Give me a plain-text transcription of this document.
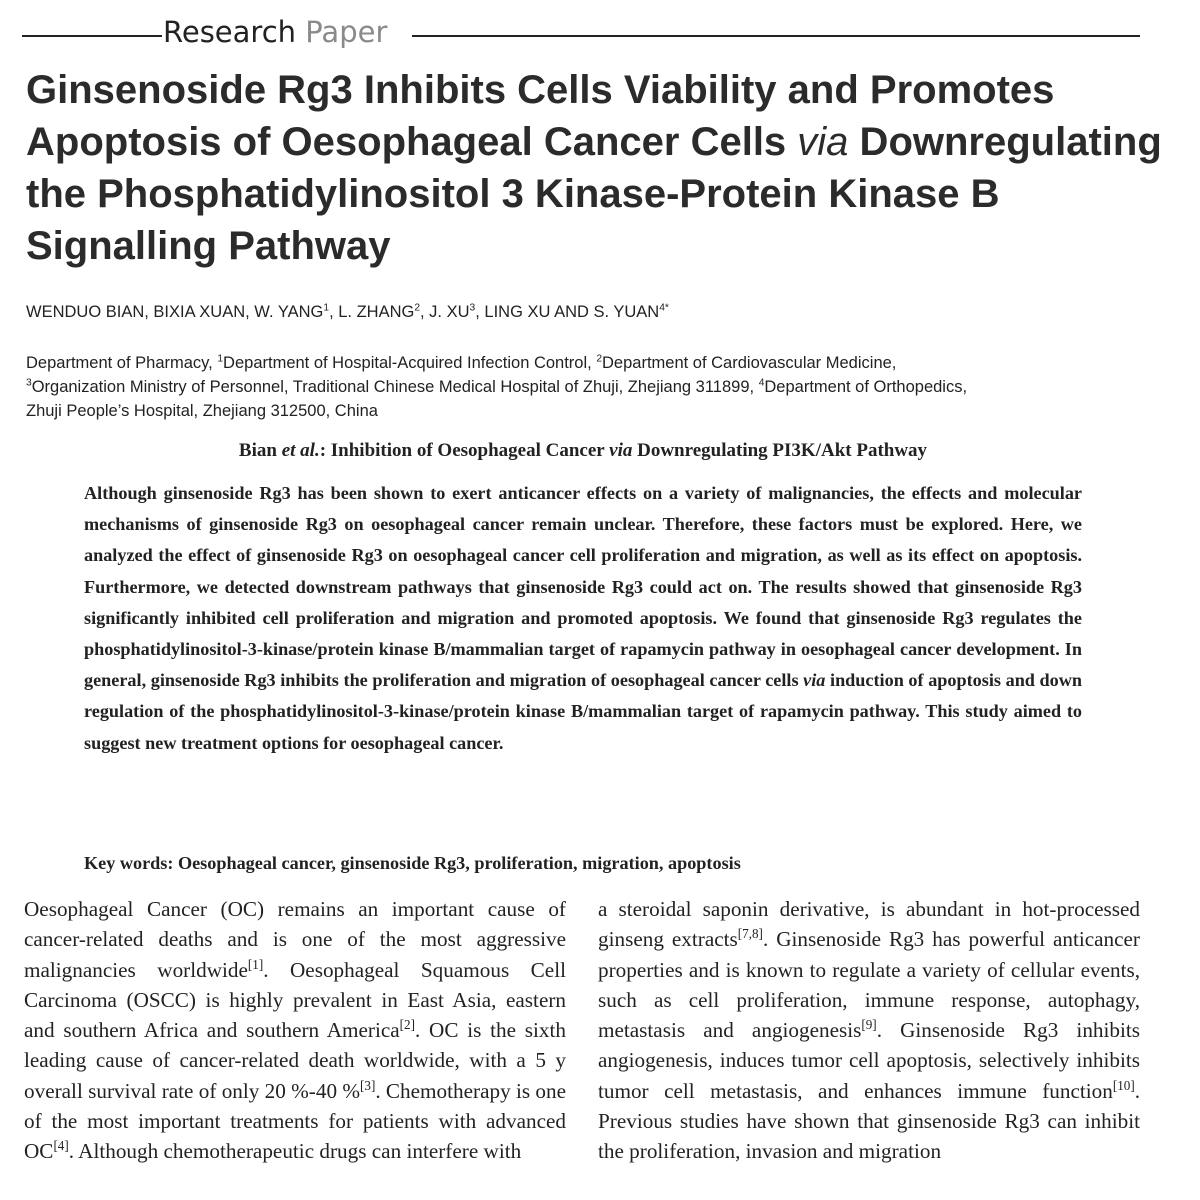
Research Paper
Ginsenoside Rg3 Inhibits Cells Viability and Promotes Apoptosis of Oesophageal Cancer Cells via Downregulating the Phosphatidylinositol 3 Kinase-Protein Kinase B Signalling Pathway
WENDUO BIAN, BIXIA XUAN, W. YANG$^1$, L. ZHANG$^2$, J. $XU^3$, LING XU AND S. $YUAN^{4*}$
Department of Pharmacy, $^1$Department of Hospital-Acquired Infection Control, $^2$Department of Cardiovascular Medicine,
$^3$Organization Ministry of Personnel, Traditional Chinese Medical Hospital of Zhuji, Zhejiang 311899, $^4$Department of Orthopedics,
Zhuji People’s Hospital, Zhejiang 312500, China
Bian et al.: Inhibition of Oesophageal Cancer via Downregulating PI3K/Akt Pathway

Although ginsenoside Rg3 has been shown to exert anticancer effects on a variety of malignancies, the effects and molecular mechanisms of ginsenoside Rg3 on oesophageal cancer remain unclear. Therefore, these factors must be explored. Here, we analyzed the effect of ginsenoside Rg3 on oesophageal cancer cell proliferation and migration, as well as its effect on apoptosis. Furthermore, we detected downstream pathways that ginsenoside Rg3 could act on. The results showed that ginsenoside Rg3 significantly inhibited cell proliferation and migration and promoted apoptosis. We found that ginsenoside Rg3 regulates the phosphatidylinositol-3-kinase/protein kinase B/mammalian target of rapamycin pathway in oesophageal cancer development. In general, ginsenoside Rg3 inhibits the proliferation and migration of oesophageal cancer cells via induction of apoptosis and down regulation of the phosphatidylinositol-3-kinase/protein kinase B/mammalian target of rapamycin pathway. This study aimed to suggest new treatment options for oesophageal cancer.

Key words: Oesophageal cancer, ginsenoside Rg3, proliferation, migration, apoptosis

Oesophageal Cancer (OC) remains an important cause of cancer-related deaths and is one of the most aggressive malignancies worldwide[1]. Oesophageal Squamous Cell Carcinoma (OSCC) is highly prevalent in East Asia, eastern and southern Africa and southern America[2]. OC is the sixth leading cause of cancer-related death worldwide, with a 5 y overall survival rate of only 20 %-40 %[3]. Chemotherapy is one of the most important treatments for patients with advanced OC[4]. Although chemotherapeutic drugs can interfere with

a steroidal saponin derivative, is abundant in hot-processed ginseng extracts[7,8]. Ginsenoside Rg3 has powerful anticancer properties and is known to regulate a variety of cellular events, such as cell proliferation, immune response, autophagy, metastasis and angiogenesis[9]. Ginsenoside Rg3 inhibits angiogenesis, induces tumor cell apoptosis, selectively inhibits tumor cell metastasis, and enhances immune function[10]. Previous studies have shown that ginsenoside Rg3 can inhibit the proliferation, invasion and migration
